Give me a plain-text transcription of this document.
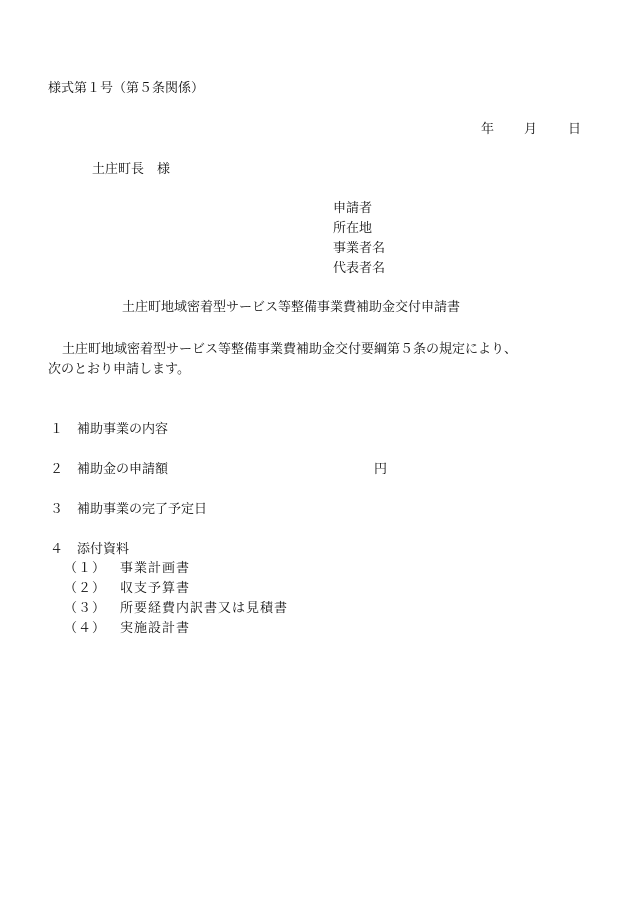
様式第１号（第５条関係）
年 月 日
土庄町長　様
申請者
所在地
事業者名
代表者名
土庄町地域密着型サービス等整備事業費補助金交付申請書
土庄町地域密着型サービス等整備事業費補助金交付要綱第５条の規定により、
次のとおり申請します。
１ 補助事業の内容
２ 補助金の申請額	円
３ 補助事業の完了予定日
４ 添付資料
（１） 事業計画書
（２） 収支予算書
（３） 所要経費内訳書又は見積書
（４） 実施設計書
